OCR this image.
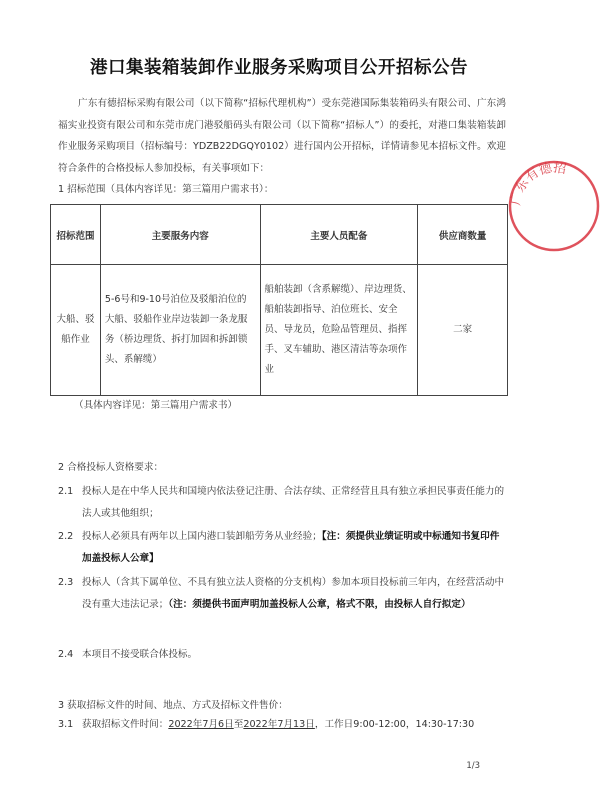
港口集装箱装卸作业服务采购项目公开招标公告
广东有德招标采购有限公司（以下简称“招标代理机构”）受东莞港国际集装箱码头有限公司、广东鸿福实业投资有限公司和东莞市虎门港驳船码头有限公司（以下简称“招标人”）的委托，对港口集装箱装卸作业服务采购项目（招标编号：YDZB22DGQY0102）进行国内公开招标，详情请参见本招标文件。欢迎符合条件的合格投标人参加投标，有关事项如下：
1 招标范围（具体内容详见：第三篇用户需求书）：
招标范围	主要服务内容	主要人员配备	供应商数量
大船、驳船作业	5-6号和9-10号泊位及驳船泊位的大船、驳船作业岸边装卸一条龙服务（桥边理货、拆打加固和拆卸锁头、系解缆）	船舶装卸（含系解缆）、岸边理货、船舶装卸指导、泊位班长、安全员、导龙员，危险品管理员、指挥手、叉车辅助、港区清洁等杂项作业	二家
（具体内容详见：第三篇用户需求书）
2 合格投标人资格要求：
2.1 投标人是在中华人民共和国境内依法登记注册、合法存续、正常经营且具有独立承担民事责任能力的法人或其他组织；
2.2 投标人必须具有两年以上国内港口装卸船劳务从业经验；【注：须提供业绩证明或中标通知书复印件加盖投标人公章】
2.3 投标人（含其下属单位、不具有独立法人资格的分支机构）参加本项目投标前三年内，在经营活动中没有重大违法记录；（注：须提供书面声明加盖投标人公章，格式不限，由投标人自行拟定）
2.4 本项目不接受联合体投标。
3 获取招标文件的时间、地点、方式及招标文件售价：
3.1 获取招标文件时间：2022年7月6日至2022年7月13日，工作日9:00-12:00，14:30-17:30
1/3
广东有德招
